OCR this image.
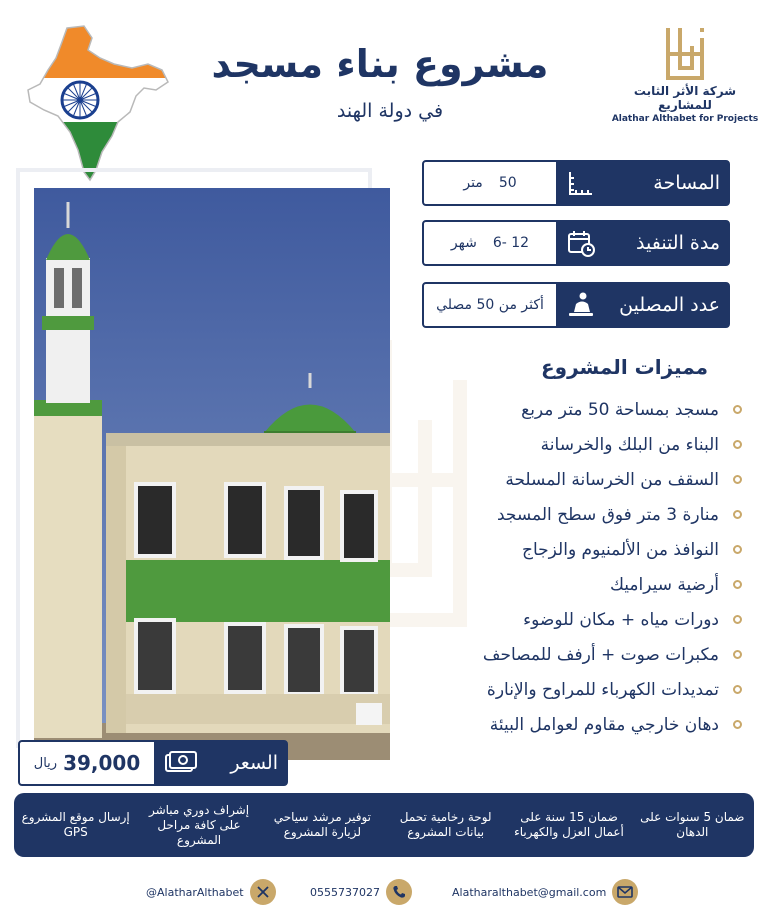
مشروع بناء مسجد
في دولة الهند
شركة الأثر الثابت للمشاريع
Alathar Althabet for Projects
المساحة
50
متر
مدة التنفيذ
12 -6
شهر
عدد المصلين
أكثر من 50 مصلي
مميزات المشروع
مسجد بمساحة 50 متر مربع
البناء من البلك والخرسانة
السقف من الخرسانة المسلحة
منارة 3 متر فوق سطح المسجد
النوافذ من الألمنيوم والزجاج
أرضية سيراميك
دورات مياه + مكان للوضوء
مكبرات صوت + أرفف للمصاحف
تمديدات الكهرباء للمراوح والإنارة
دهان خارجي مقاوم لعوامل البيئة
السعر
39,000
ريال
ضمان 5 سنوات على الدهان
ضمان 15 سنة على أعمال العزل والكهرباء
لوحة رخامية تحمل بيانات المشروع
توفير مرشد سياحي لزيارة المشروع
إشراف دوري مباشر على كافة مراحل المشروع
إرسال موقع المشروع GPS
Alatharalthabet@gmail.com
0555737027
@AlatharAlthabet
